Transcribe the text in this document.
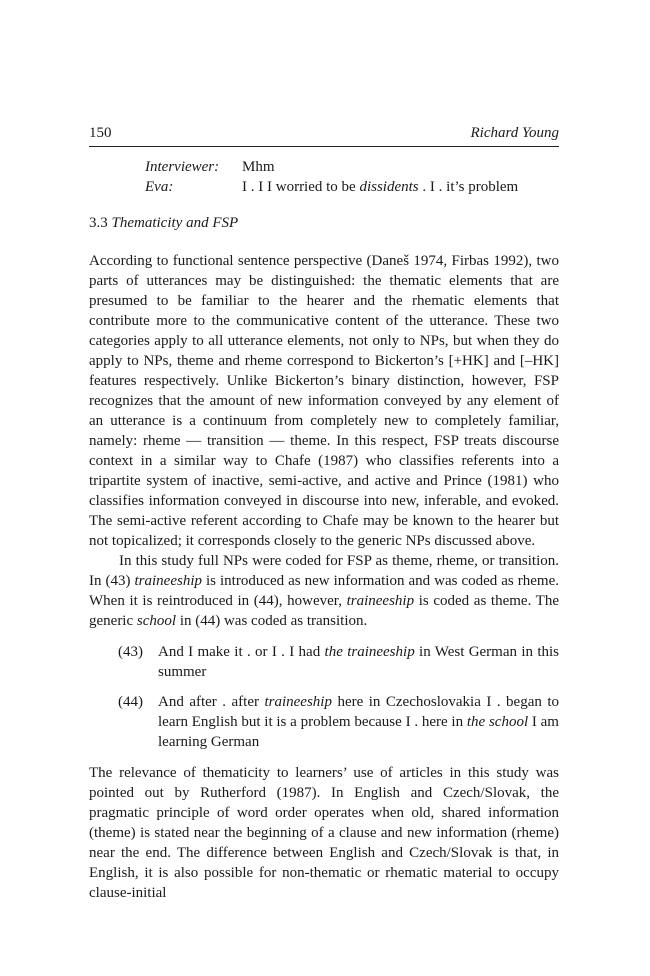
150	Richard Young
Interviewer:	Mhm
Eva:	I . I I worried to be dissidents . I . it’s problem
3.3 Thematicity and FSP

According to functional sentence perspective (Daneš 1974, Firbas 1992), two parts of utterances may be distinguished: the thematic elements that are presumed to be familiar to the hearer and the rhematic elements that contribute more to the communicative content of the utterance. These two categories apply to all utterance elements, not only to NPs, but when they do apply to NPs, theme and rheme correspond to Bickerton’s [+HK] and [–HK] features respectively. Unlike Bickerton’s binary distinction, however, FSP recognizes that the amount of new information conveyed by any element of an utterance is a continuum from completely new to completely familiar, namely: rheme — transition — theme. In this respect, FSP treats discourse context in a similar way to Chafe (1987) who classifies referents into a tripartite system of inactive, semi-active, and active and Prince (1981) who classifies information conveyed in discourse into new, inferable, and evoked. The semi-active referent according to Chafe may be known to the hearer but not topicalized; it corresponds closely to the generic NPs discussed above.

In this study full NPs were coded for FSP as theme, rheme, or transition. In (43) traineeship is introduced as new information and was coded as rheme. When it is reintroduced in (44), however, traineeship is coded as theme. The generic school in (44) was coded as transition.

(43)	And I make it . or I . I had the traineeship in West German in this summer
(44)	And after . after traineeship here in Czechoslovakia I . began to learn English but it is a problem because I . here in the school I am learning German

The relevance of thematicity to learners’ use of articles in this study was pointed out by Rutherford (1987). In English and Czech/Slovak, the pragmatic principle of word order operates when old, shared information (theme) is stated near the beginning of a clause and new information (rheme) near the end. The difference between English and Czech/Slovak is that, in English, it is also possible for non-thematic or rhematic material to occupy clause-initial
